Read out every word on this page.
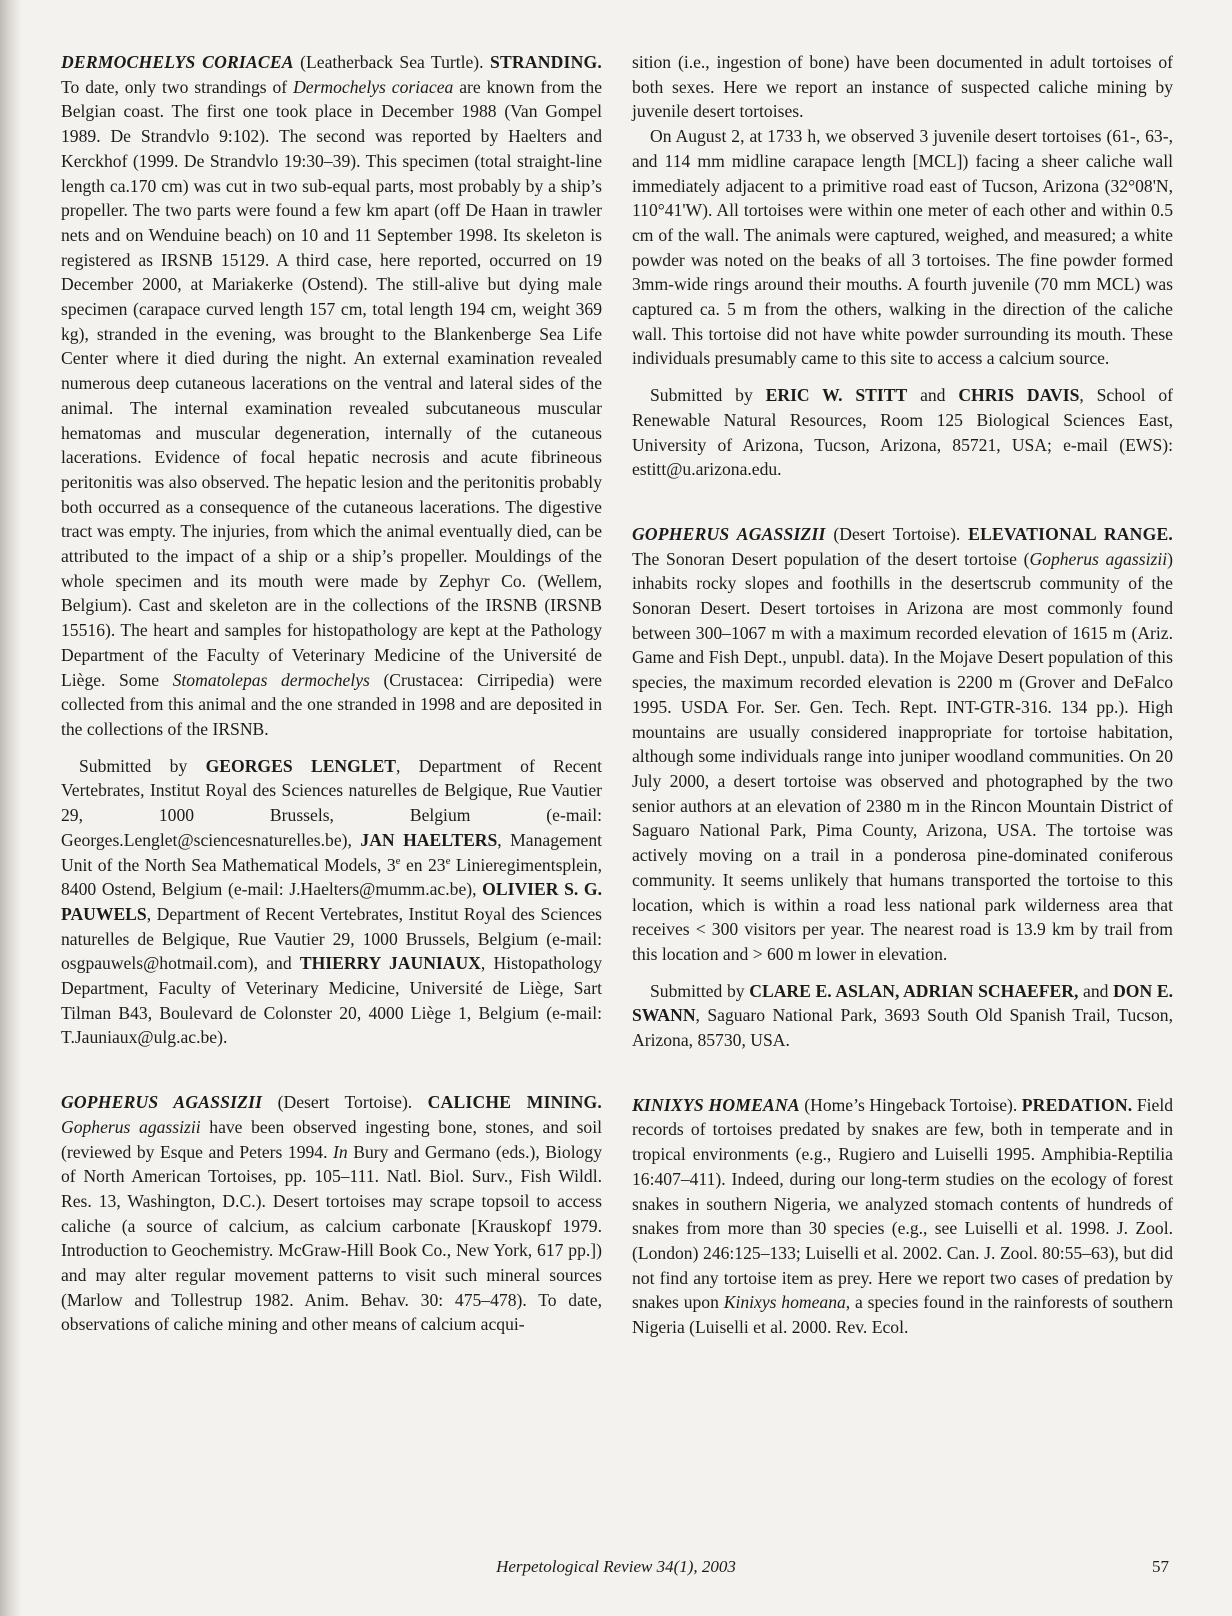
DERMOCHELYS CORIACEA (Leatherback Sea Turtle). STRANDING. To date, only two strandings of Dermochelys coriacea are known from the Belgian coast. The first one took place in December 1988 (Van Gompel 1989. De Strandvlo 9:102). The second was reported by Haelters and Kerckhof (1999. De Strandvlo 19:30–39). This specimen (total straight-line length ca.170 cm) was cut in two sub-equal parts, most probably by a ship’s propeller. The two parts were found a few km apart (off De Haan in trawler nets and on Wenduine beach) on 10 and 11 September 1998. Its skeleton is registered as IRSNB 15129. A third case, here reported, occurred on 19 December 2000, at Mariakerke (Ostend). The still-alive but dying male specimen (carapace curved length 157 cm, total length 194 cm, weight 369 kg), stranded in the evening, was brought to the Blankenberge Sea Life Center where it died during the night. An external examination revealed numerous deep cutaneous lacerations on the ventral and lateral sides of the animal. The internal examination revealed subcutaneous muscular hematomas and muscular degeneration, internally of the cutaneous lacerations. Evidence of focal hepatic necrosis and acute fibrineous peritonitis was also observed. The hepatic lesion and the peritonitis probably both occurred as a consequence of the cutaneous lacerations. The digestive tract was empty. The injuries, from which the animal eventually died, can be attributed to the impact of a ship or a ship’s propeller. Mouldings of the whole specimen and its mouth were made by Zephyr Co. (Wellem, Belgium). Cast and skeleton are in the collections of the IRSNB (IRSNB 15516). The heart and samples for histopathology are kept at the Pathology Department of the Faculty of Veterinary Medicine of the Université de Liège. Some Stomatolepas dermochelys (Crustacea: Cirripedia) were collected from this animal and the one stranded in 1998 and are deposited in the collections of the IRSNB.

Submitted by GEORGES LENGLET, Department of Recent Vertebrates, Institut Royal des Sciences naturelles de Belgique, Rue Vautier 29, 1000 Brussels, Belgium (e-mail: Georges.Lenglet@sciencesnaturelles.be), JAN HAELTERS, Management Unit of the North Sea Mathematical Models, 3e en 23e Linieregimentsplein, 8400 Ostend, Belgium (e-mail: J.Haelters@mumm.ac.be), OLIVIER S. G. PAUWELS, Department of Recent Vertebrates, Institut Royal des Sciences naturelles de Belgique, Rue Vautier 29, 1000 Brussels, Belgium (e-mail: osgpauwels@hotmail.com), and THIERRY JAUNIAUX, Histopathology Department, Faculty of Veterinary Medicine, Université de Liège, Sart Tilman B43, Boulevard de Colonster 20, 4000 Liège 1, Belgium (e-mail: T.Jauniaux@ulg.ac.be).

GOPHERUS AGASSIZII (Desert Tortoise). CALICHE MINING. Gopherus agassizii have been observed ingesting bone, stones, and soil (reviewed by Esque and Peters 1994. In Bury and Germano (eds.), Biology of North American Tortoises, pp. 105–111. Natl. Biol. Surv., Fish Wildl. Res. 13, Washington, D.C.). Desert tortoises may scrape topsoil to access caliche (a source of calcium, as calcium carbonate [Krauskopf 1979. Introduction to Geochemistry. McGraw-Hill Book Co., New York, 617 pp.]) and may alter regular movement patterns to visit such mineral sources (Marlow and Tollestrup 1982. Anim. Behav. 30: 475–478). To date, observations of caliche mining and other means of calcium acqui-

sition (i.e., ingestion of bone) have been documented in adult tortoises of both sexes. Here we report an instance of suspected caliche mining by juvenile desert tortoises.

On August 2, at 1733 h, we observed 3 juvenile desert tortoises (61-, 63-, and 114 mm midline carapace length [MCL]) facing a sheer caliche wall immediately adjacent to a primitive road east of Tucson, Arizona (32°08'N, 110°41'W). All tortoises were within one meter of each other and within 0.5 cm of the wall. The animals were captured, weighed, and measured; a white powder was noted on the beaks of all 3 tortoises. The fine powder formed 3mm-wide rings around their mouths. A fourth juvenile (70 mm MCL) was captured ca. 5 m from the others, walking in the direction of the caliche wall. This tortoise did not have white powder surrounding its mouth. These individuals presumably came to this site to access a calcium source.

Submitted by ERIC W. STITT and CHRIS DAVIS, School of Renewable Natural Resources, Room 125 Biological Sciences East, University of Arizona, Tucson, Arizona, 85721, USA; e-mail (EWS): estitt@u.arizona.edu.

GOPHERUS AGASSIZII (Desert Tortoise). ELEVATIONAL RANGE. The Sonoran Desert population of the desert tortoise (Gopherus agassizii) inhabits rocky slopes and foothills in the desertscrub community of the Sonoran Desert. Desert tortoises in Arizona are most commonly found between 300–1067 m with a maximum recorded elevation of 1615 m (Ariz. Game and Fish Dept., unpubl. data). In the Mojave Desert population of this species, the maximum recorded elevation is 2200 m (Grover and DeFalco 1995. USDA For. Ser. Gen. Tech. Rept. INT-GTR-316. 134 pp.). High mountains are usually considered inappropriate for tortoise habitation, although some individuals range into juniper woodland communities. On 20 July 2000, a desert tortoise was observed and photographed by the two senior authors at an elevation of 2380 m in the Rincon Mountain District of Saguaro National Park, Pima County, Arizona, USA. The tortoise was actively moving on a trail in a ponderosa pine-dominated coniferous community. It seems unlikely that humans transported the tortoise to this location, which is within a road less national park wilderness area that receives < 300 visitors per year. The nearest road is 13.9 km by trail from this location and > 600 m lower in elevation.

Submitted by CLARE E. ASLAN, ADRIAN SCHAEFER, and DON E. SWANN, Saguaro National Park, 3693 South Old Spanish Trail, Tucson, Arizona, 85730, USA.

KINIXYS HOMEANA (Home’s Hingeback Tortoise). PREDATION. Field records of tortoises predated by snakes are few, both in temperate and in tropical environments (e.g., Rugiero and Luiselli 1995. Amphibia-Reptilia 16:407–411). Indeed, during our long-term studies on the ecology of forest snakes in southern Nigeria, we analyzed stomach contents of hundreds of snakes from more than 30 species (e.g., see Luiselli et al. 1998. J. Zool. (London) 246:125–133; Luiselli et al. 2002. Can. J. Zool. 80:55–63), but did not find any tortoise item as prey. Here we report two cases of predation by snakes upon Kinixys homeana, a species found in the rainforests of southern Nigeria (Luiselli et al. 2000. Rev. Ecol.

Herpetological Review 34(1), 2003	57
